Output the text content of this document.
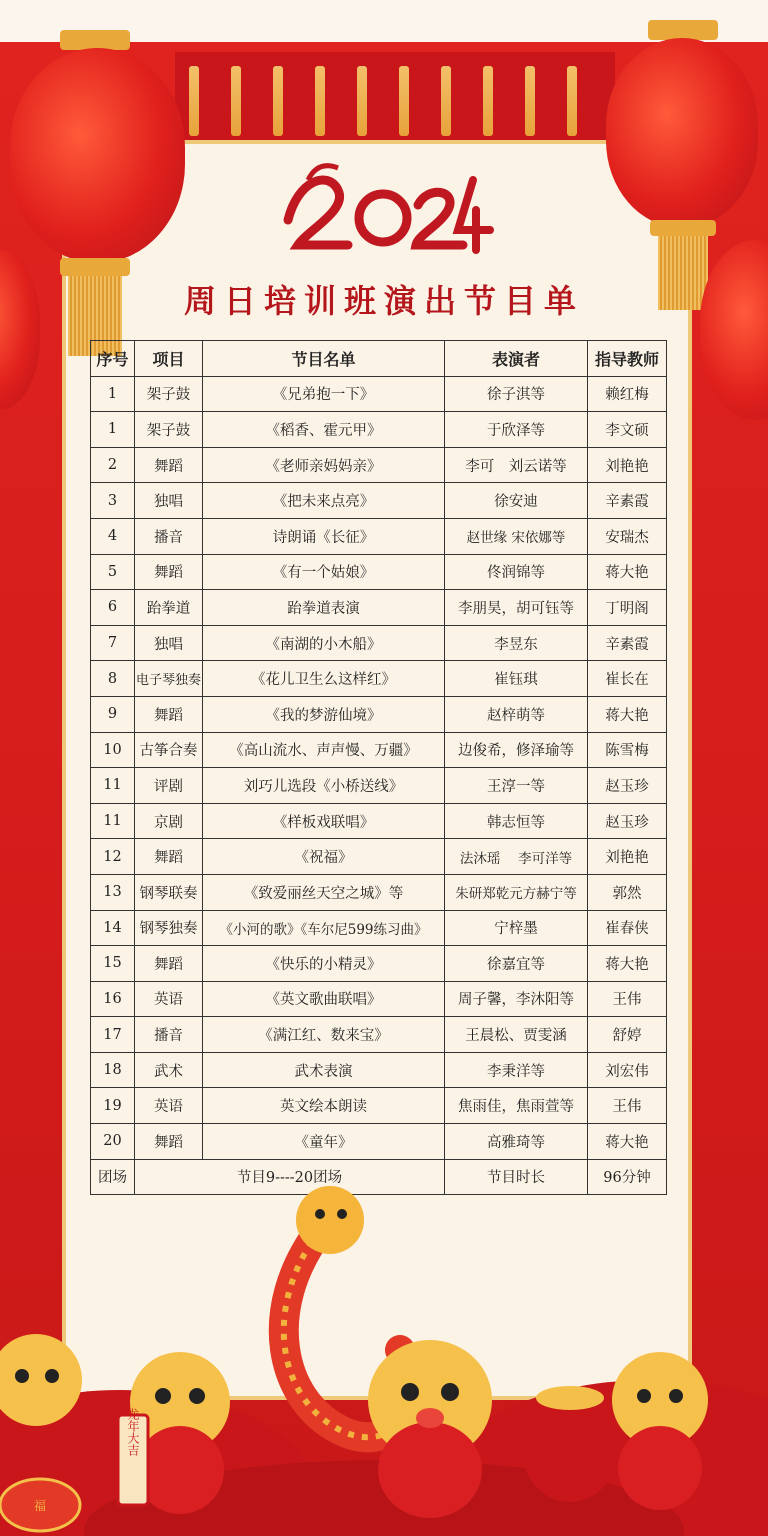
2024
周日培训班演出节目单
序号	项目	节目名单	表演者	指导教师
1	架子鼓	《兄弟抱一下》	徐子淇等	赖红梅
1	架子鼓	《稻香、霍元甲》	于欣泽等	李文硕
2	舞蹈	《老师亲妈妈亲》	李可　刘云诺等	刘艳艳
3	独唱	《把未来点亮》	徐安迪	辛素霞
4	播音	诗朗诵《长征》	赵世缘 宋依娜等	安瑞杰
5	舞蹈	《有一个姑娘》	佟润锦等	蒋大艳
6	跆拳道	跆拳道表演	李朋昊，胡可钰等	丁明阁
7	独唱	《南湖的小木船》	李昱东	辛素霞
8	电子琴独奏	《花儿卫生么这样红》	崔钰琪	崔长在
9	舞蹈	《我的梦游仙境》	赵梓萌等	蒋大艳
10	古筝合奏	《高山流水、声声慢、万疆》	边俊希，修泽瑜等	陈雪梅
11	评剧	刘巧儿选段《小桥送线》	王淳一等	赵玉珍
11	京剧	《样板戏联唱》	韩志恒等	赵玉珍
12	舞蹈	《祝福》	法沐瑶　 李可洋等	刘艳艳
13	钢琴联奏	《致爱丽丝天空之城》等	朱研郑乾元方赫宁等	郭然
14	钢琴独奏	《小河的歌》《车尔尼599练习曲》	宁梓墨	崔春侠
15	舞蹈	《快乐的小精灵》	徐嘉宜等	蒋大艳
16	英语	《英文歌曲联唱》	周子馨，李沐阳等	王伟
17	播音	《满江红、数来宝》	王晨松、贾雯涵	舒婷
18	武术	武术表演	李秉洋等	刘宏伟
19	英语	英文绘本朗读	焦雨佳，焦雨萱等	王伟
20	舞蹈	《童年》	高雅琦等	蒋大艳
团场	节目9----20团场		节目时长	96分钟
龙年大吉
福
